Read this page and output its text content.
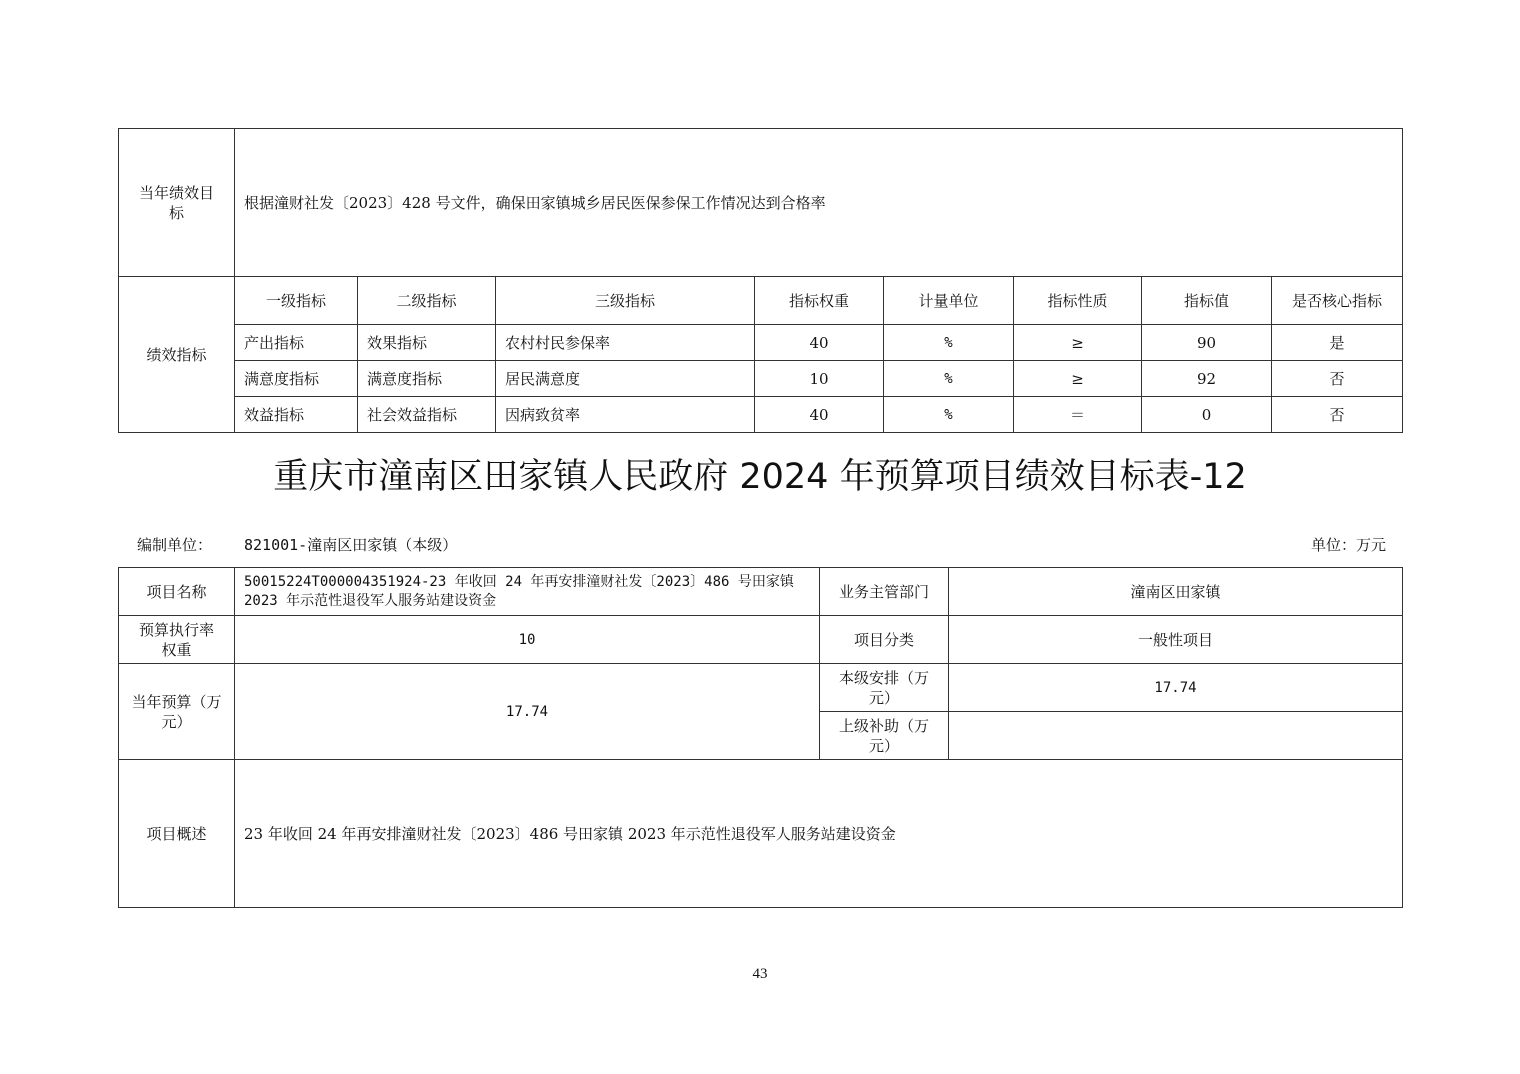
当年绩效目标	根据潼财社发〔2023〕428 号文件，确保田家镇城乡居民医保参保工作情况达到合格率							
绩效指标	一级指标	二级指标	三级指标	指标权重	计量单位	指标性质	指标值	是否核心指标
	产出指标	效果指标	农村村民参保率	40	%	≥	90	是
	满意度指标	满意度指标	居民满意度	10	%	≥	92	否
	效益指标	社会效益指标	因病致贫率	40	%	＝	0	否
重庆市潼南区田家镇人民政府 2024 年预算项目绩效目标表-12
编制单位： 821001-潼南区田家镇（本级）	单位：万元
项目名称	50015224T000004351924-23 年收回 24 年再安排潼财社发〔2023〕486 号田家镇 2023 年示范性退役军人服务站建设资金	业务主管部门	潼南区田家镇
预算执行率权重	10	项目分类	一般性项目
当年预算（万元）	17.74	本级安排（万元）	17.74
		上级补助（万元）	
项目概述	23 年收回 24 年再安排潼财社发〔2023〕486 号田家镇 2023 年示范性退役军人服务站建设资金		
43
